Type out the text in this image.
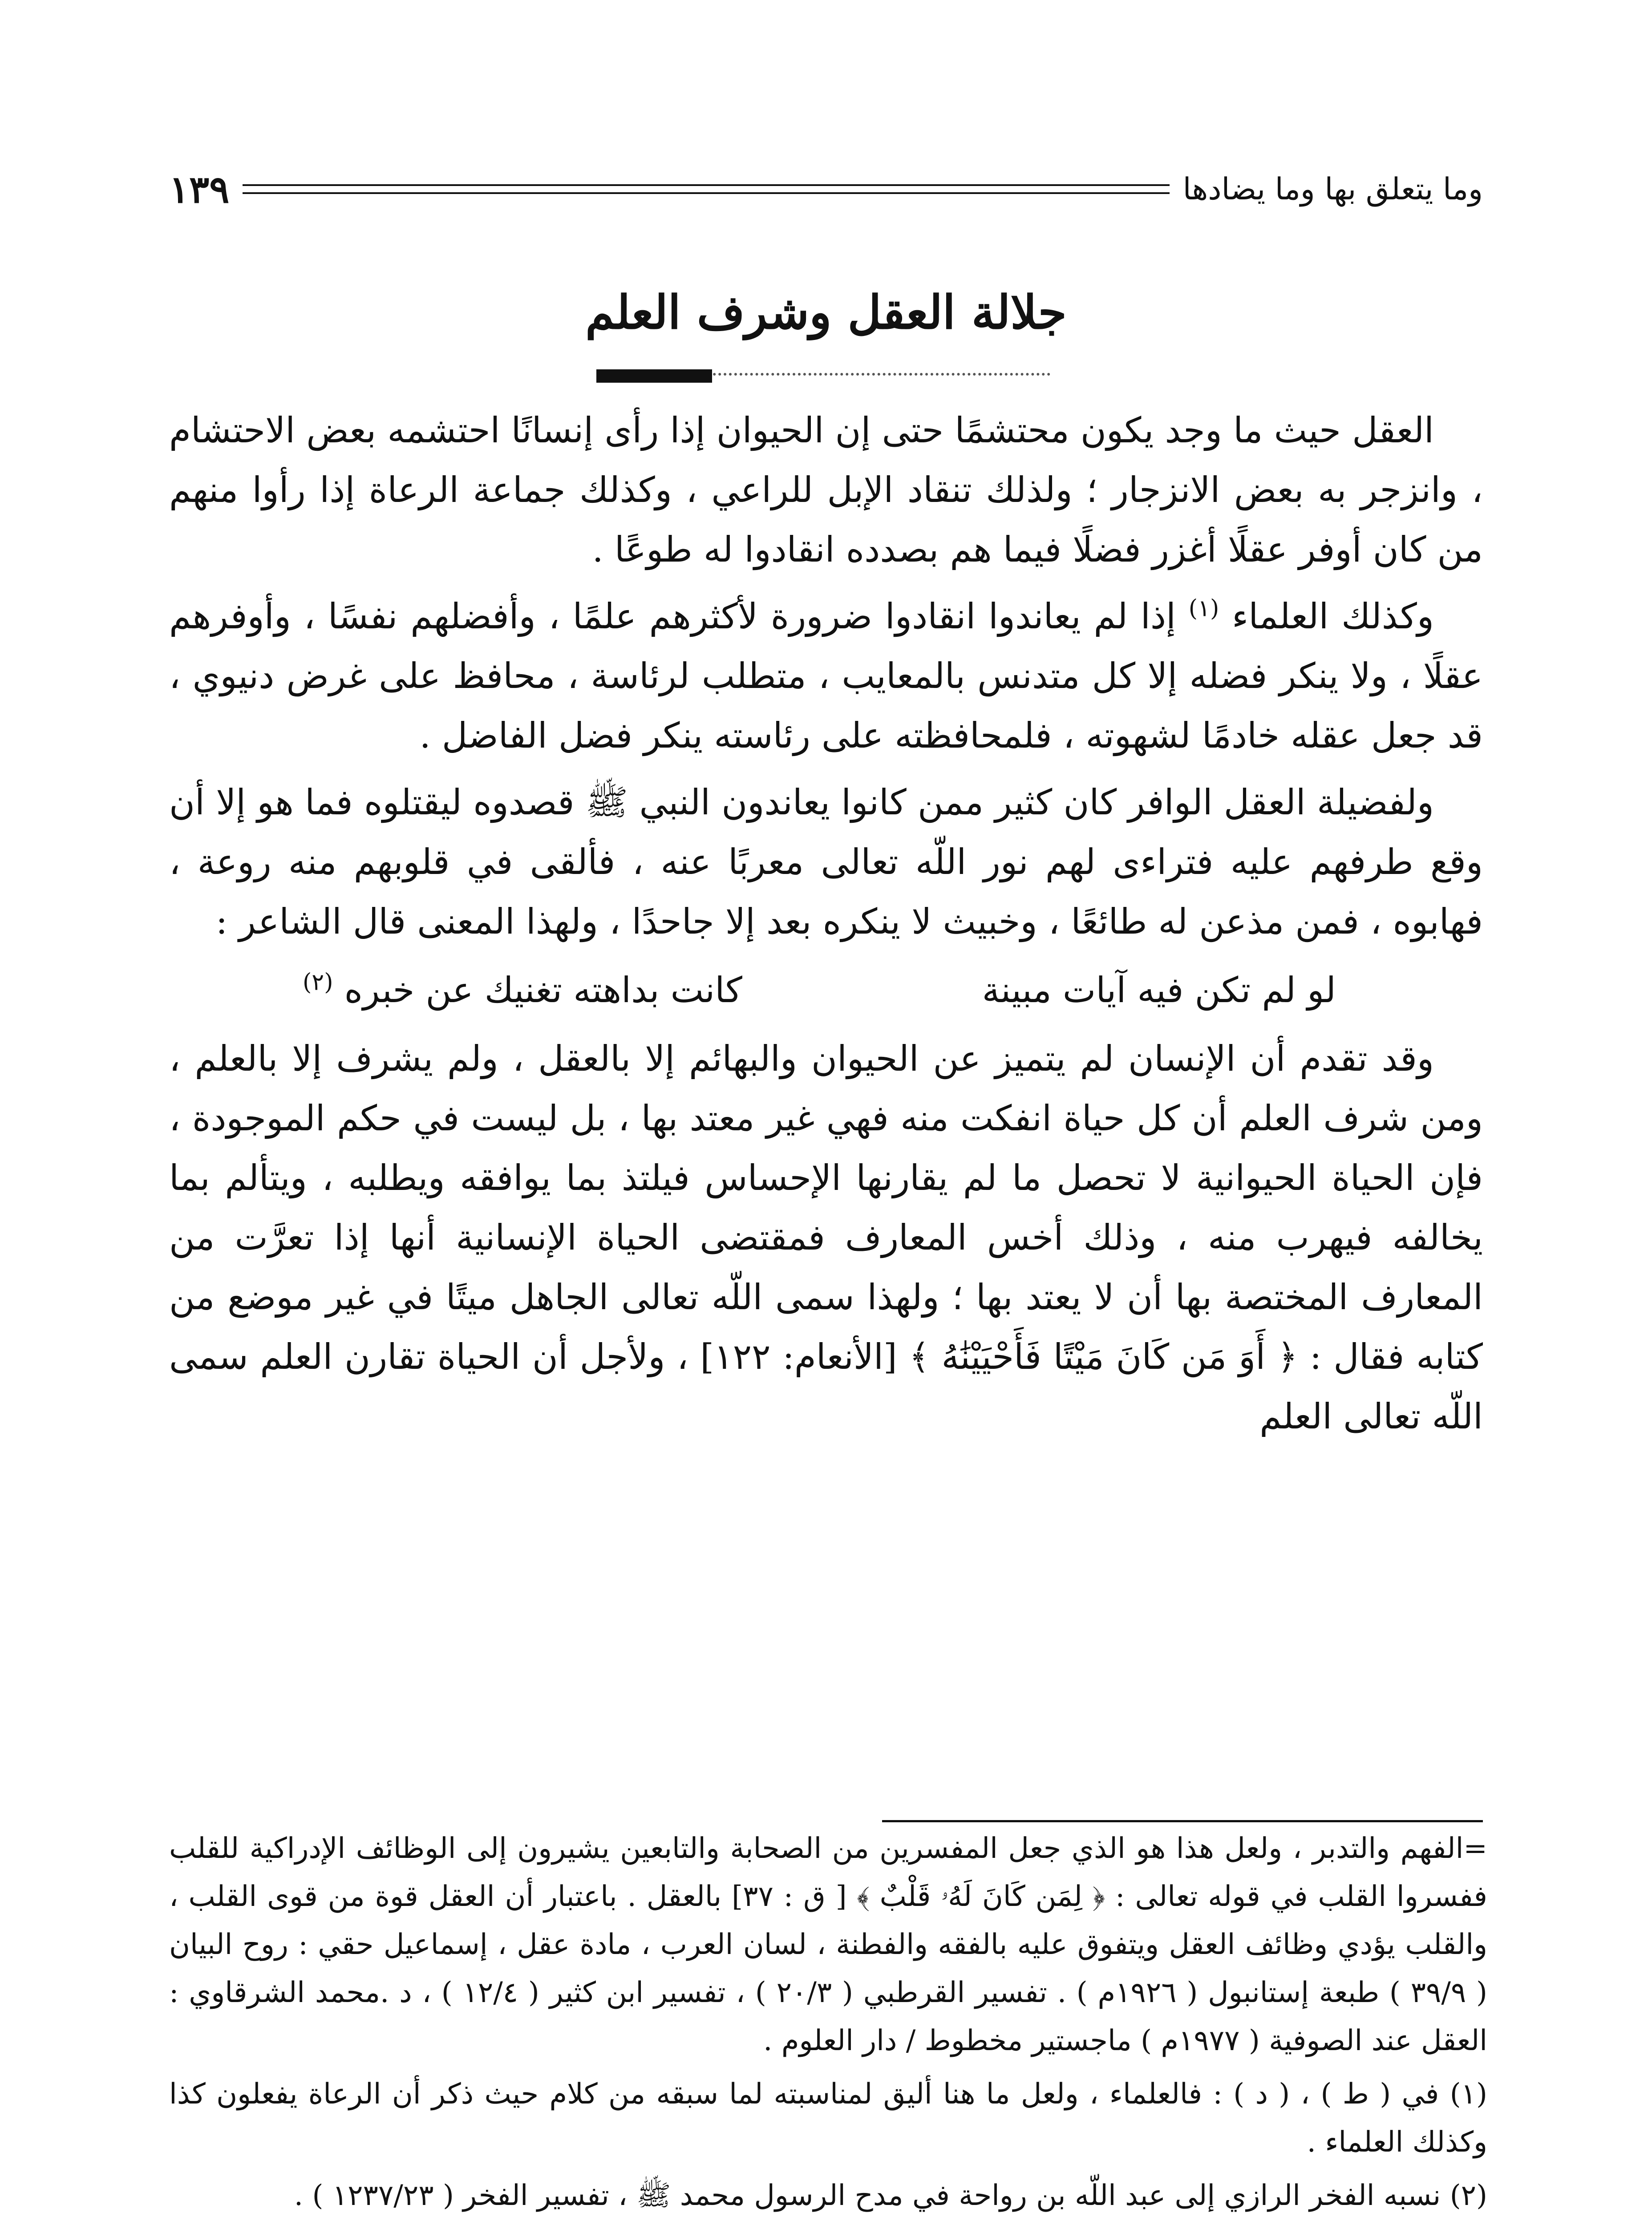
وما يتعلق بها وما يضادها
١٣٩
جلالة العقل وشرف العلم

العقل حيث ما وجد يكون محتشمًا حتى إن الحيوان إذا رأى إنسانًا احتشمه بعض الاحتشام ، وانزجر به بعض الانزجار ؛ ولذلك تنقاد الإبل للراعي ، وكذلك جماعة الرعاة إذا رأوا منهم من كان أوفر عقلًا أغزر فضلًا فيما هم بصدده انقادوا له طوعًا .

وكذلك العلماء $^{(١)}$ إذا لم يعاندوا انقادوا ضرورة لأكثرهم علمًا ، وأفضلهم نفسًا ، وأوفرهم عقلًا ، ولا ينكر فضله إلا كل متدنس بالمعايب ، متطلب لرئاسة ، محافظ على غرض دنيوي ، قد جعل عقله خادمًا لشهوته ، فلمحافظته على رئاسته ينكر فضل الفاضل .

ولفضيلة العقل الوافر كان كثير ممن كانوا يعاندون النبي ﷺ قصدوه ليقتلوه فما هو إلا أن وقع طرفهم عليه فتراءى لهم نور اللّه تعالى معربًا عنه ، فألقى في قلوبهم منه روعة ، فهابوه ، فمن مذعن له طائعًا ، وخبيث لا ينكره بعد إلا جاحدًا ، ولهذا المعنى قال الشاعر :

لو لم تكن فيه آيات مبينة
كانت بداهته تغنيك عن خبره $^{(٢)}$

وقد تقدم أن الإنسان لم يتميز عن الحيوان والبهائم إلا بالعقل ، ولم يشرف إلا بالعلم ، ومن شرف العلم أن كل حياة انفكت منه فهي غير معتد بها ، بل ليست في حكم الموجودة ، فإن الحياة الحيوانية لا تحصل ما لم يقارنها الإحساس فيلتذ بما يوافقه ويطلبه ، ويتألم بما يخالفه فيهرب منه ، وذلك أخس المعارف فمقتضى الحياة الإنسانية أنها إذا تعرَّت من المعارف المختصة بها أن لا يعتد بها ؛ ولهذا سمى اللّه تعالى الجاهل ميتًا في غير موضع من كتابه فقال : ﴿ أَوَ مَن كَانَ مَيْتًا فَأَحْيَيْنَٰهُ ﴾ [الأنعام: ١٢٢] ، ولأجل أن الحياة تقارن العلم سمى اللّه تعالى العلم

=الفهم والتدبر ، ولعل هذا هو الذي جعل المفسرين من الصحابة والتابعين يشيرون إلى الوظائف الإدراكية للقلب ففسروا القلب في قوله تعالى : ﴿ لِمَن كَانَ لَهُۥ قَلْبٌ ﴾ [ ق : ٣٧] بالعقل . باعتبار أن العقل قوة من قوى القلب ، والقلب يؤدي وظائف العقل ويتفوق عليه بالفقه والفطنة ، لسان العرب ، مادة عقل ، إسماعيل حقي : روح البيان ( ٣٩/٩ ) طبعة إستانبول ( ١٩٢٦م ) . تفسير القرطبي ( ٢٠/٣ ) ، تفسير ابن كثير ( ١٢/٤ ) ، د .محمد الشرقاوي : العقل عند الصوفية ( ١٩٧٧م ) ماجستير مخطوط / دار العلوم .

(١) في ( ط ) ، ( د ) : فالعلماء ، ولعل ما هنا أليق لمناسبته لما سبقه من كلام حيث ذكر أن الرعاة يفعلون كذا وكذلك العلماء .

(٢) نسبه الفخر الرازي إلى عبد اللّه بن رواحة في مدح الرسول محمد ﷺ ، تفسير الفخر ( ١٢٣٧/٢٣ ) .
